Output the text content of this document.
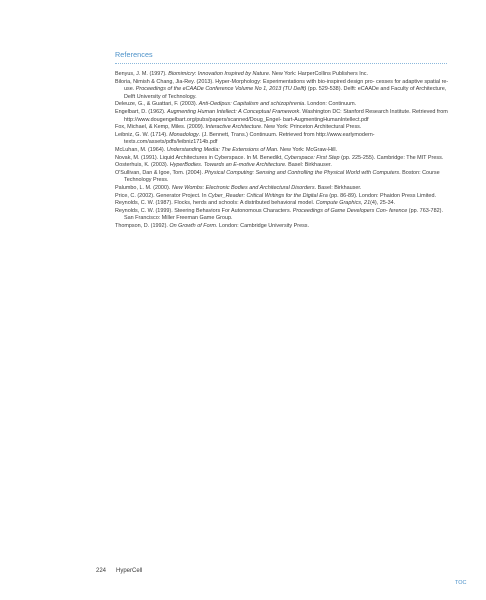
References
Benyus, J. M. (1997). Biomimicry: Innovation Inspired by Nature. New York: HarperCollins Publishers Inc.
Biloria, Nimish & Chang, Jia-Rey. (2013). Hyper-Morphology: Experimentations with bio-inspired design pro- cesses for adaptive spatial re-use. Proceedings of the eCAADe Conference Volume No 1, 2013 (TU Delft) (pp. 529-538). Delft: eCAADe and Faculty of Architecture, Delft University of Technology.
Deleuze, G., & Guattari, F. (2003). Anti-Oedipus: Capitalism and schizophrenia. London: Continuum.
Engelbart, D. (1962). Augmenting Human Intellect: A Conceptual Framework. Washington DC: Stanford Research Institute. Retrieved from http://www.dougengelbart.org/pubs/papers/scanned/Doug_Engel- bart-AugmentingHumanIntellect.pdf
Fox, Michael, & Kemp, Miles. (2009). Interactive Architecture. New York: Princeton Architectural Press.
Leibniz, G. W. (1714). Monadology. (J. Bennett, Trans.) Continuum. Retrieved from http://www.earlymodern- texts.com/assets/pdfs/leibniz1714b.pdf
McLuhan, M. (1964). Understanding Media: The Extensions of Man. New York: McGraw-Hill.
Novak, M. (1991). Liquid Architectures in Cyberspace. In M. Benedikt, Cyberspace: First Step (pp. 225-255). Cambridge: The MIT Press.
Oosterhuis, K. (2003). HyperBodies. Towards an E-motive Architecture. Basel: Birkhauser.
O'Sullivan, Dan & Igoe, Tom. (2004). Physical Computing: Sensing and Controlling the Physical World with Computers. Boston: Course Technology Press.
Palumbo, L. M. (2000). New Wombs: Electronic Bodies and Architectural Disorders. Basel: Birkhauser.
Price, C. (2002). Generator Project. In Cyber_Reader: Critical Writings for the Digital Era (pp. 86-89). London: Phaidon Press Limited.
Reynolds, C. W. (1987). Flocks, herds and schools: A distributed behavioral model. Compute Graphics, 21(4), 25-34.
Reynolds, C. W. (1999). Steering Behaviors For Autonomous Characters. Proceedings of Game Developers Con- ference (pp. 763-782). San Francisco: Miller Freeman Game Group.
Thompson, D. (1992). On Growth of Form. London: Cambridge University Press.
224 HyperCell
TOC
